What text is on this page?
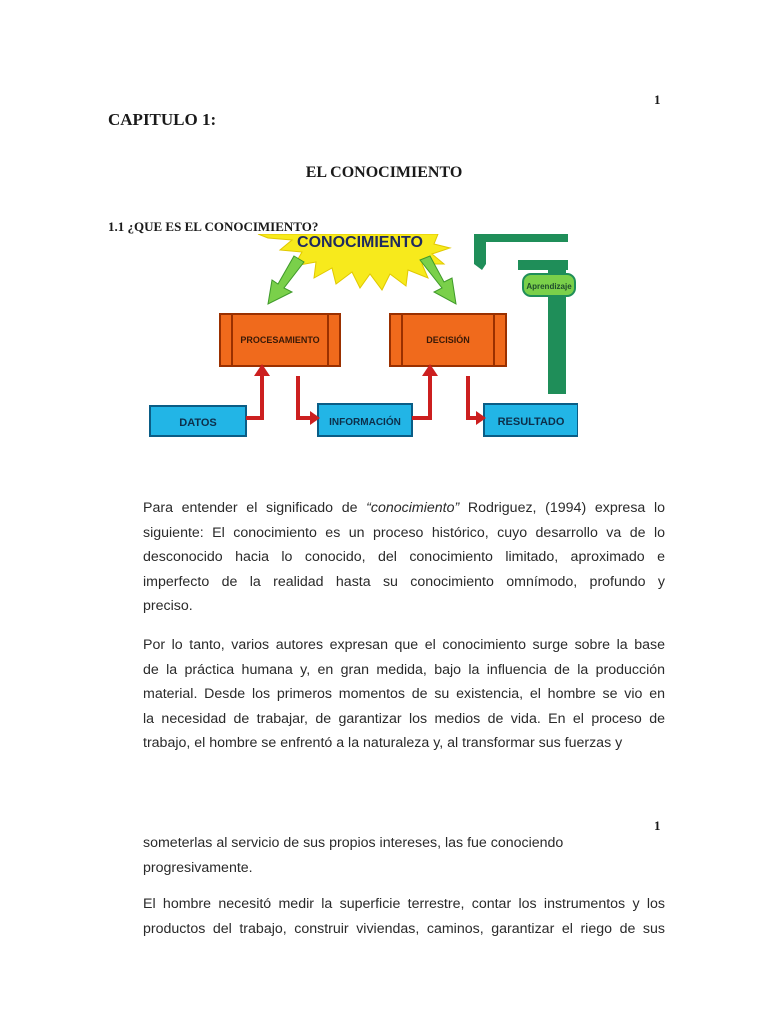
1
CAPITULO 1:
EL CONOCIMIENTO
1.1 ¿QUE ES EL CONOCIMIENTO?
Aprendizaje
CONOCIMIENTO
PROCESAMIENTO	DECISIÓN
DATOS	INFORMACIÓN	RESULTADO
Para entender el significado de “conocimiento” Rodriguez, (1994) expresa lo
siguiente: El conocimiento es un proceso histórico, cuyo desarrollo va de lo
desconocido hacia lo conocido, del conocimiento limitado, aproximado e
imperfecto de la realidad hasta su conocimiento omnímodo, profundo y
preciso.
Por lo tanto, varios autores expresan que el conocimiento surge sobre la base
de la práctica humana y, en gran medida, bajo la influencia de la producción
material. Desde los primeros momentos de su existencia, el hombre se vio en
la necesidad de trabajar, de garantizar los medios de vida. En el proceso de
trabajo, el hombre se enfrentó a la naturaleza y, al transformar sus fuerzas y
1
someterlas al servicio de sus propios intereses, las fue conociendo
progresivamente.
El hombre necesitó medir la superficie terrestre, contar los instrumentos y los
productos del trabajo, construir viviendas, caminos, garantizar el riego de sus
